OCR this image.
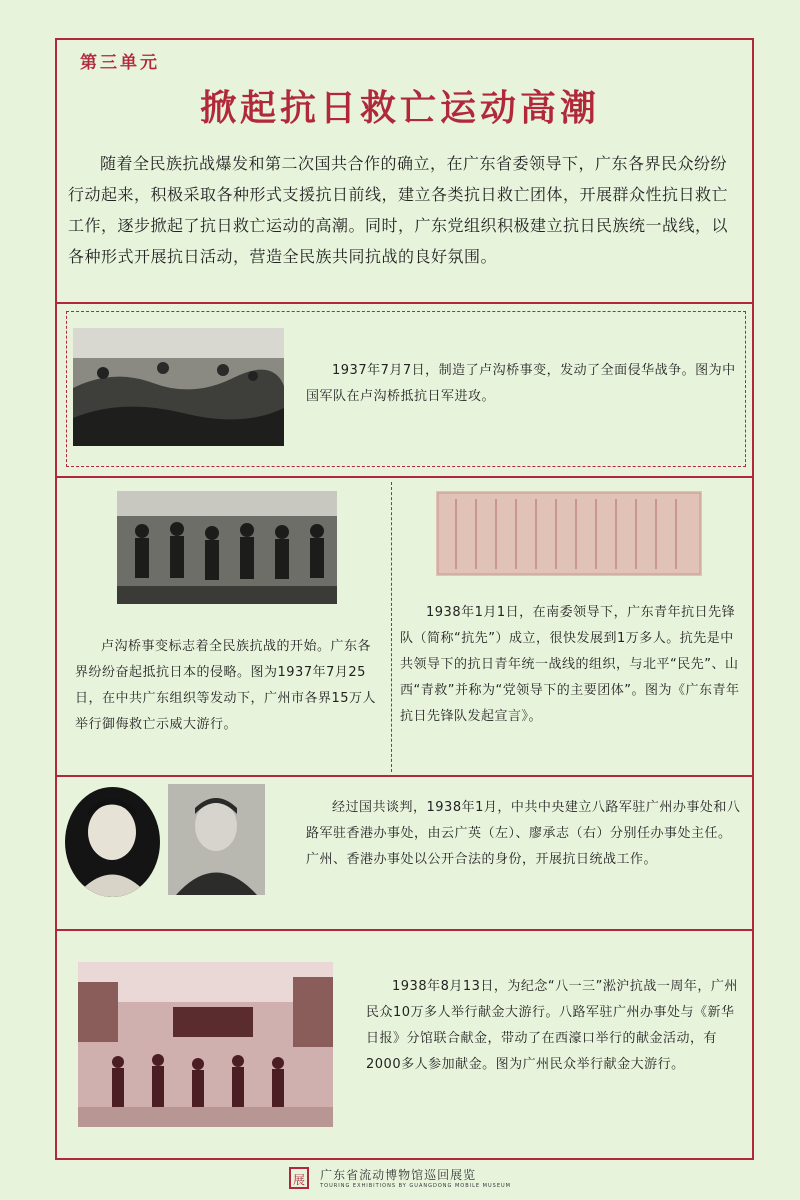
第三单元
掀起抗日救亡运动高潮
随着全民族抗战爆发和第二次国共合作的确立，在广东省委领导下，广东各界民众纷纷行动起来，积极采取各种形式支援抗日前线，建立各类抗日救亡团体，开展群众性抗日救亡工作，逐步掀起了抗日救亡运动的高潮。同时，广东党组织积极建立抗日民族统一战线，以各种形式开展抗日活动，营造全民族共同抗战的良好氛围。
1937年7月7日，制造了卢沟桥事变，发动了全面侵华战争。图为中国军队在卢沟桥抵抗日军进攻。
卢沟桥事变标志着全民族抗战的开始。广东各界纷纷奋起抵抗日本的侵略。图为1937年7月25日，在中共广东组织等发动下，广州市各界15万人举行御侮救亡示威大游行。
1938年1月1日，在南委领导下，广东青年抗日先锋队（简称“抗先”）成立，很快发展到1万多人。抗先是中共领导下的抗日青年统一战线的组织，与北平“民先”、山西“青救”并称为“党领导下的主要团体”。图为《广东青年抗日先锋队发起宣言》。
经过国共谈判，1938年1月，中共中央建立八路军驻广州办事处和八路军驻香港办事处，由云广英（左）、廖承志（右）分别任办事处主任。广州、香港办事处以公开合法的身份，开展抗日统战工作。
1938年8月13日，为纪念“八一三”淞沪抗战一周年，广州民众10万多人举行献金大游行。八路军驻广州办事处与《新华日报》分馆联合献金，带动了在西濠口举行的献金活动，有2000多人参加献金。图为广州民众举行献金大游行。
展 广东省流动博物馆巡回展览
TOURING EXHIBITIONS BY GUANGDONG MOBILE MUSEUM
